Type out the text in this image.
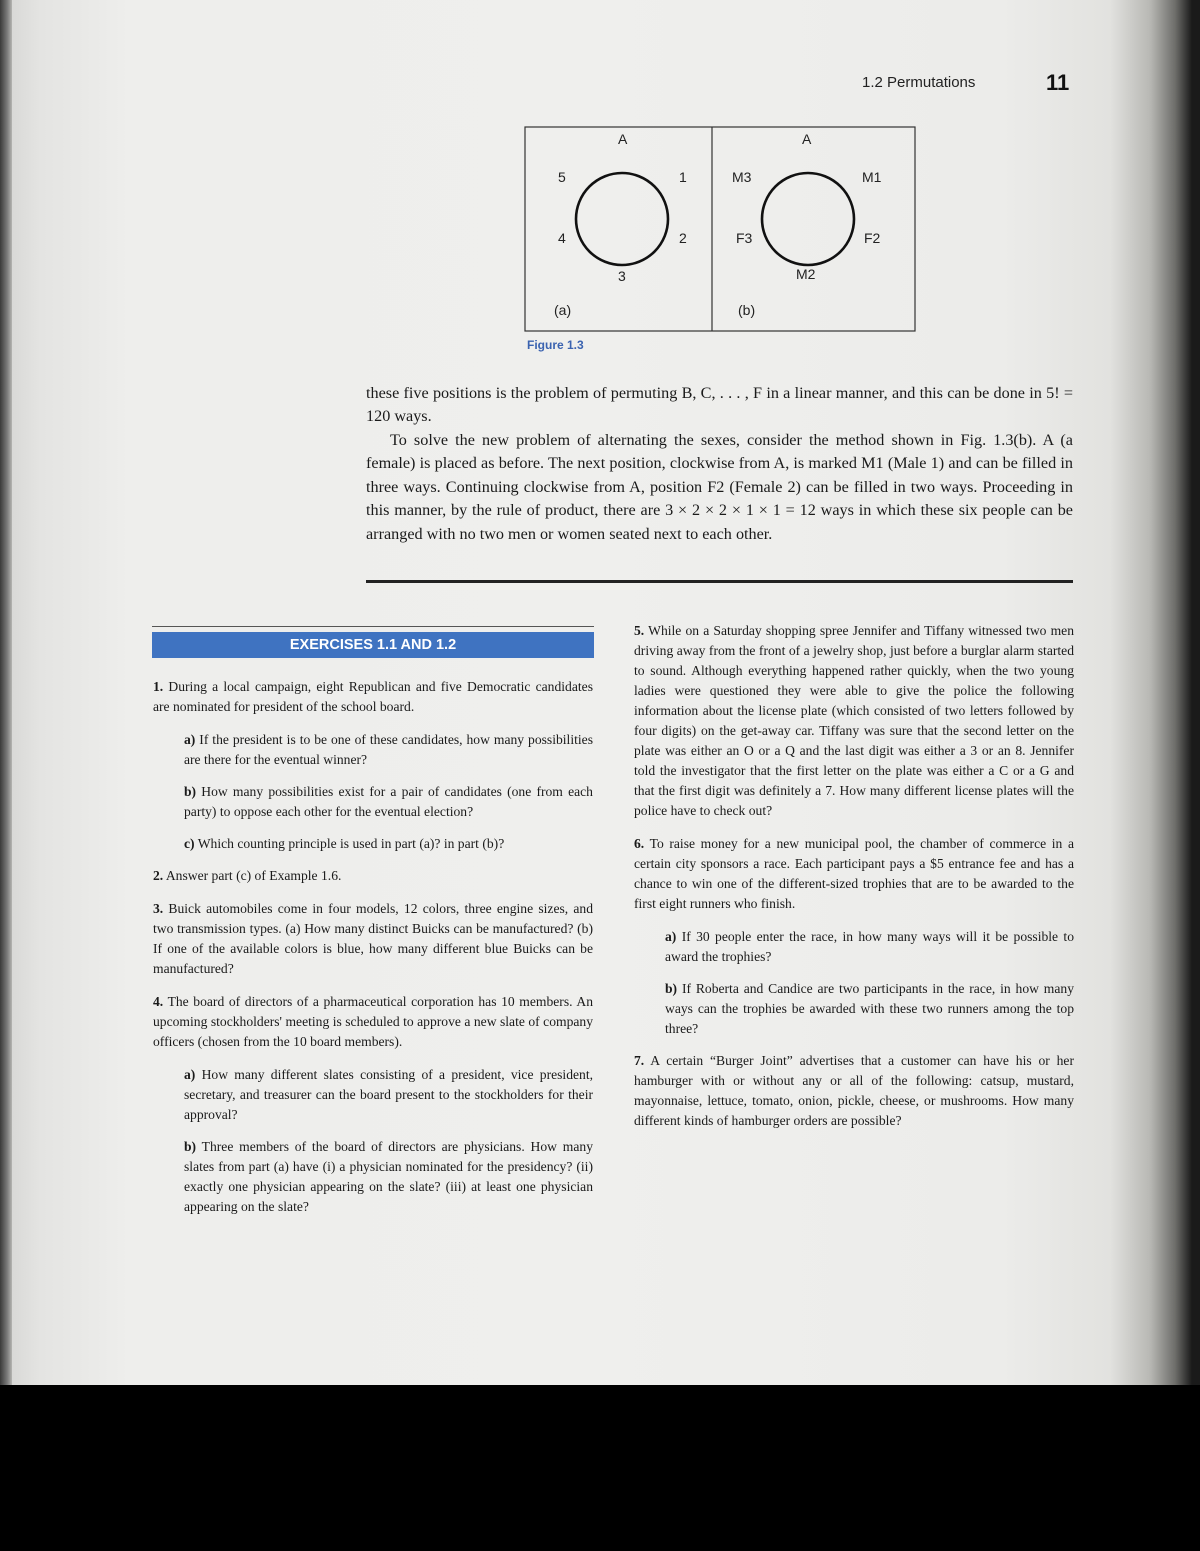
1.2 Permutations	11
A
1
2
3
4
5
(a)
A
M1
F2
M2
F3
M3
(b)
Figure 1.3

these five positions is the problem of permuting B, C, . . . , F in a linear manner, and this can be done in 5! = 120 ways.

To solve the new problem of alternating the sexes, consider the method shown in Fig. 1.3(b). A (a female) is placed as before. The next position, clockwise from A, is marked M1 (Male 1) and can be filled in three ways. Continuing clockwise from A, position F2 (Female 2) can be filled in two ways. Proceeding in this manner, by the rule of product, there are 3 × 2 × 2 × 1 × 1 = 12 ways in which these six people can be arranged with no two men or women seated next to each other.

EXERCISES 1.1 AND 1.2

1. During a local campaign, eight Republican and five Democratic candidates are nominated for president of the school board.

a) If the president is to be one of these candidates, how many possibilities are there for the eventual winner?

b) How many possibilities exist for a pair of candidates (one from each party) to oppose each other for the eventual election?

c) Which counting principle is used in part (a)? in part (b)?

2. Answer part (c) of Example 1.6.

3. Buick automobiles come in four models, 12 colors, three engine sizes, and two transmission types. (a) How many distinct Buicks can be manufactured? (b) If one of the available colors is blue, how many different blue Buicks can be manufactured?

4. The board of directors of a pharmaceutical corporation has 10 members. An upcoming stockholders' meeting is scheduled to approve a new slate of company officers (chosen from the 10 board members).

a) How many different slates consisting of a president, vice president, secretary, and treasurer can the board present to the stockholders for their approval?

b) Three members of the board of directors are physicians. How many slates from part (a) have (i) a physician nominated for the presidency? (ii) exactly one physician appearing on the slate? (iii) at least one physician appearing on the slate?

5. While on a Saturday shopping spree Jennifer and Tiffany witnessed two men driving away from the front of a jewelry shop, just before a burglar alarm started to sound. Although everything happened rather quickly, when the two young ladies were questioned they were able to give the police the following information about the license plate (which consisted of two letters followed by four digits) on the get-away car. Tiffany was sure that the second letter on the plate was either an O or a Q and the last digit was either a 3 or an 8. Jennifer told the investigator that the first letter on the plate was either a C or a G and that the first digit was definitely a 7. How many different license plates will the police have to check out?

6. To raise money for a new municipal pool, the chamber of commerce in a certain city sponsors a race. Each participant pays a $5 entrance fee and has a chance to win one of the different-sized trophies that are to be awarded to the first eight runners who finish.

a) If 30 people enter the race, in how many ways will it be possible to award the trophies?

b) If Roberta and Candice are two participants in the race, in how many ways can the trophies be awarded with these two runners among the top three?

7. A certain “Burger Joint” advertises that a customer can have his or her hamburger with or without any or all of the following: catsup, mustard, mayonnaise, lettuce, tomato, onion, pickle, cheese, or mushrooms. How many different kinds of hamburger orders are possible?
